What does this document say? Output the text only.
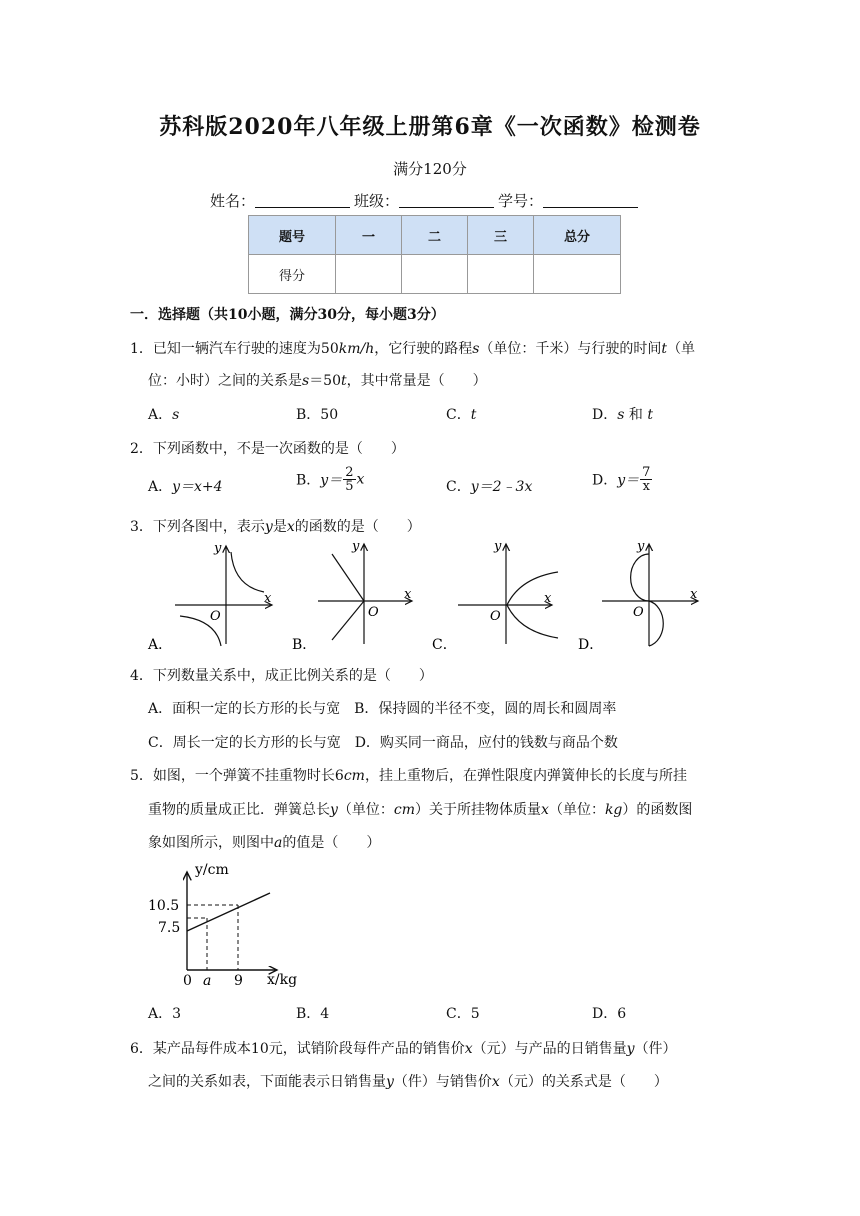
苏科版2020年八年级上册第6章《一次函数》检测卷
满分120分
姓名：	班级：	学号：
题号	一	二	三	总分
得分				
一．选择题（共10小题，满分30分，每小题3分）
1．已知一辆汽车行驶的速度为50km/h，它行驶的路程s（单位：千米）与行驶的时间t（单
位：小时）之间的关系是s＝50t，其中常量是（　　）
A．s	B．50	C．t	D．s 和 t
2．下列函数中，不是一次函数的是（　　）
A．y＝x+4	B．$y= \frac{2}{5}$ x	C．y＝2﹣3x	D．$y= \frac{7}{x}$
3．下列各图中，表示y是x的函数的是（　　）
x
y
O
A．
x
y
O
B．
x
y
O
C．
x
y
O
D．
4．下列数量关系中，成正比例关系的是（　　）
A．面积一定的长方形的长与宽　B．保持圆的半径不变，圆的周长和圆周率
C．周长一定的长方形的长与宽　D．购买同一商品，应付的钱数与商品个数
5．如图，一个弹簧不挂重物时长6cm，挂上重物后，在弹性限度内弹簧伸长的长度与所挂
重物的质量成正比．弹簧总长y（单位：cm）关于所挂物体质量x（单位：kg）的函数图
象如图所示，则图中a的值是（　　）
y/cm
x/kg
10.5
7.5
0 a 9
A．3	B．4	C．5	D．6
6．某产品每件成本10元，试销阶段每件产品的销售价x（元）与产品的日销售量y（件）
之间的关系如表，下面能表示日销售量y（件）与销售价x（元）的关系式是（　　）
